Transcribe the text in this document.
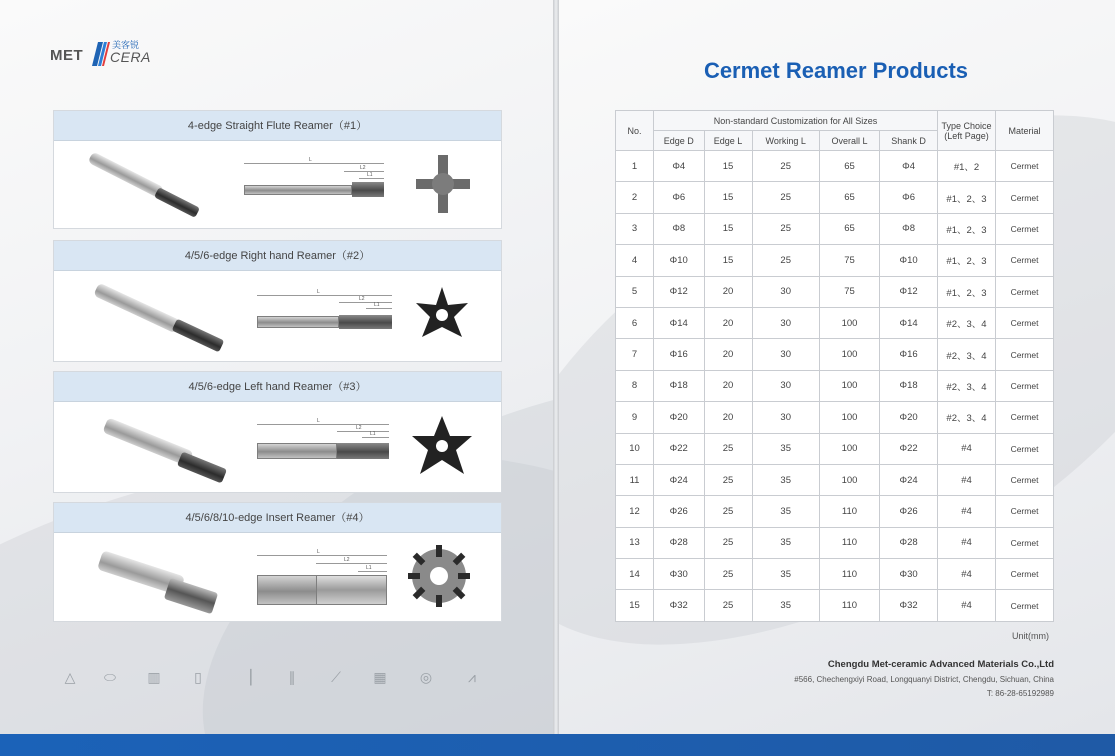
MET
美客锐
CERA
4-edge Straight Flute Reamer（#1）
L
L2
L1
4/5/6-edge Right hand Reamer（#2）
L
L2
L1
4/5/6-edge Left hand Reamer（#3）
L
L2
L1
4/5/6/8/10-edge Insert Reamer（#4）
L
L2
L1
△	⬭	▥	▯	▕	∥	⟋	▦	◎	⩘
Cermet Reamer Products
No.	Non-standard Customization for All Sizes					Type Choice (Left Page)	Material
	Edge D	Edge L	Working L	Overall L	Shank D		
1	Φ4	15	25	65	Φ4	#1、2	Cermet
2	Φ6	15	25	65	Φ6	#1、2、3	Cermet
3	Φ8	15	25	65	Φ8	#1、2、3	Cermet
4	Φ10	15	25	75	Φ10	#1、2、3	Cermet
5	Φ12	20	30	75	Φ12	#1、2、3	Cermet
6	Φ14	20	30	100	Φ14	#2、3、4	Cermet
7	Φ16	20	30	100	Φ16	#2、3、4	Cermet
8	Φ18	20	30	100	Φ18	#2、3、4	Cermet
9	Φ20	20	30	100	Φ20	#2、3、4	Cermet
10	Φ22	25	35	100	Φ22	#4	Cermet
11	Φ24	25	35	100	Φ24	#4	Cermet
12	Φ26	25	35	110	Φ26	#4	Cermet
13	Φ28	25	35	110	Φ28	#4	Cermet
14	Φ30	25	35	110	Φ30	#4	Cermet
15	Φ32	25	35	110	Φ32	#4	Cermet
Unit(mm)
Chengdu Met-ceramic Advanced Materials Co.,Ltd
#566, Chechengxiyi Road, Longquanyi District, Chengdu, Sichuan, China
T: 86-28-65192989
